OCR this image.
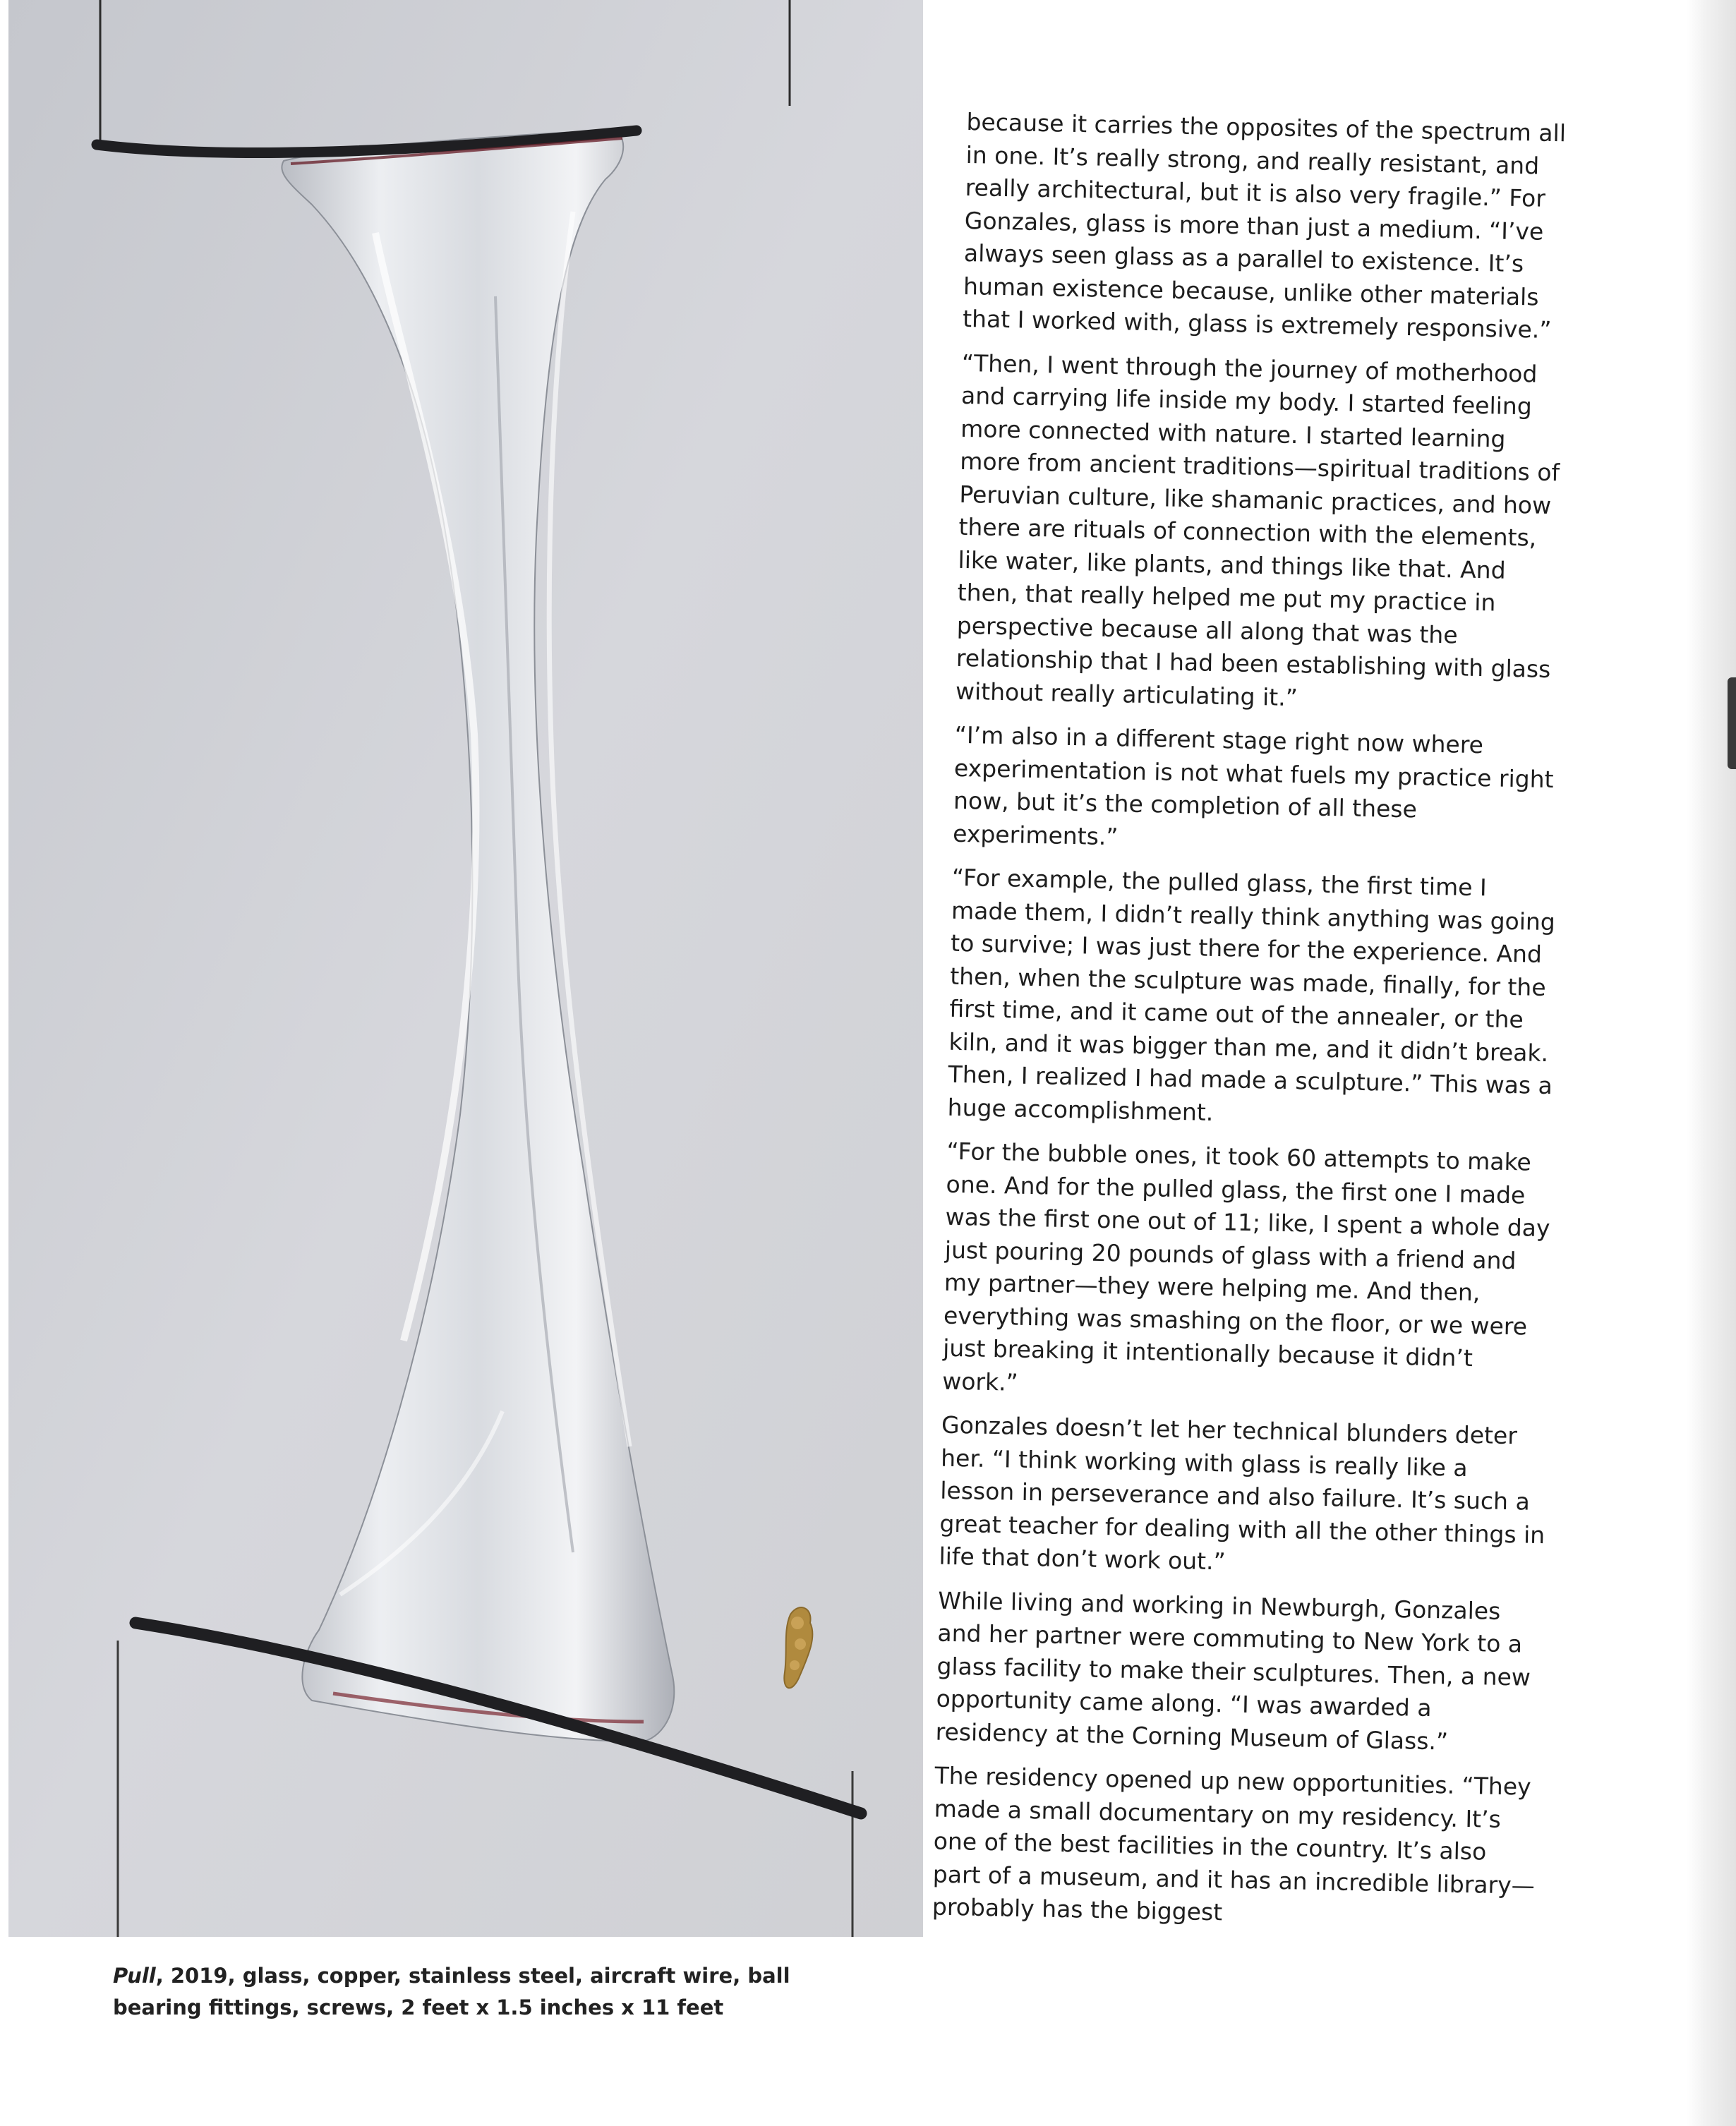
Pull, 2019, glass, copper, stainless steel, aircraft wire, ball bearing fittings, screws, 2 feet x 1.5 inches x 11 feet

because it carries the opposites of the spectrum all in one. It’s really strong, and really resistant, and really architectural, but it is also very fragile.” For Gonzales, glass is more than just a medium. “I’ve always seen glass as a parallel to existence. It’s human existence because, unlike other materials that I worked with, glass is extremely responsive.”

“Then, I went through the journey of motherhood and carrying life inside my body. I started feeling more connected with nature. I started learning more from ancient traditions—spiritual traditions of Peruvian culture, like shamanic practices, and how there are rituals of connection with the elements, like water, like plants, and things like that. And then, that really helped me put my practice in perspective because all along that was the relationship that I had been establishing with glass without really articulating it.”

“I’m also in a different stage right now where experimentation is not what fuels my practice right now, but it’s the completion of all these experiments.”

“For example, the pulled glass, the first time I made them, I didn’t really think anything was going to survive; I was just there for the experience. And then, when the sculpture was made, finally, for the first time, and it came out of the annealer, or the kiln, and it was bigger than me, and it didn’t break. Then, I realized I had made a sculpture.” This was a huge accomplishment.

“For the bubble ones, it took 60 attempts to make one. And for the pulled glass, the first one I made was the first one out of 11; like, I spent a whole day just pouring 20 pounds of glass with a friend and my partner—they were helping me. And then, everything was smashing on the floor, or we were just breaking it intentionally because it didn’t work.”

Gonzales doesn’t let her technical blunders deter her. “I think working with glass is really like a lesson in perseverance and also failure. It’s such a great teacher for dealing with all the other things in life that don’t work out.”

While living and working in Newburgh, Gonzales and her partner were commuting to New York to a glass facility to make their sculptures. Then, a new opportunity came along. “I was awarded a residency at the Corning Museum of Glass.”

The residency opened up new opportunities. “They made a small documentary on my residency. It’s one of the best facilities in the country. It’s also part of a museum, and it has an incredible library—probably has the biggest
